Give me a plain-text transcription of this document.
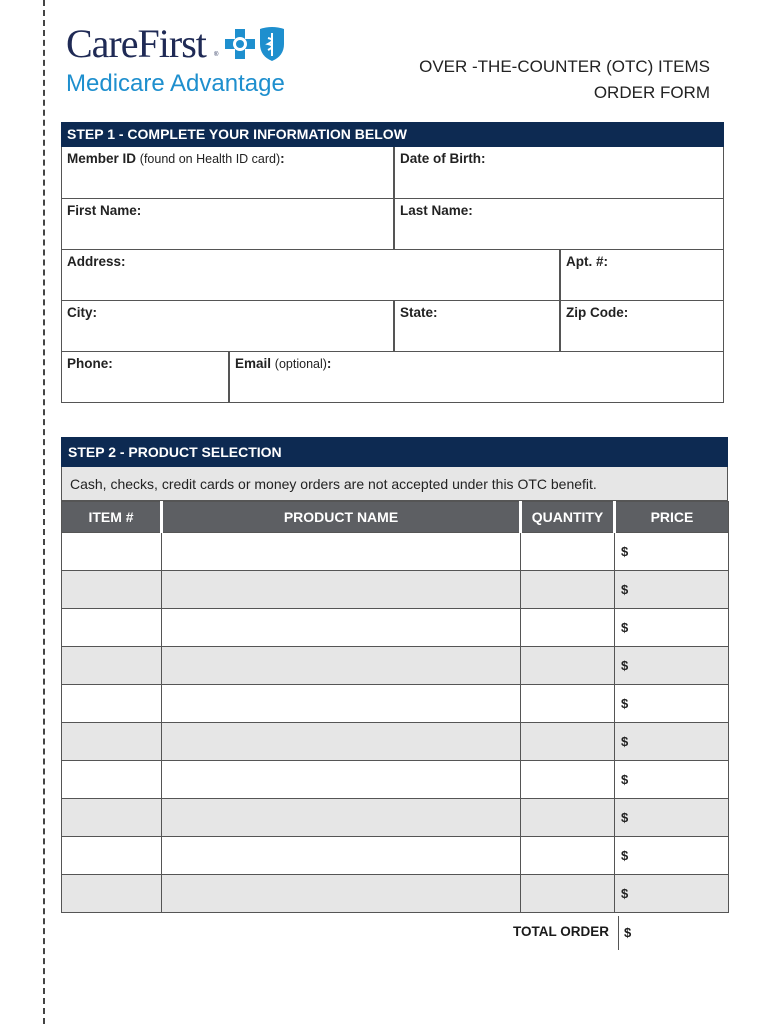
CareFirst ®
Medicare Advantage
OVER -THE-COUNTER (OTC) ITEMS
ORDER FORM
STEP 1 - COMPLETE YOUR INFORMATION BELOW
Member ID (found on Health ID card):	Date of Birth:
First Name:	Last Name:
Address:	Apt. #:
City:	State:	Zip Code:
Phone:	Email (optional):
STEP 2 - PRODUCT SELECTION
Cash, checks, credit cards or money orders are not accepted under this OTC benefit.
ITEM #	PRODUCT NAME	QUANTITY	PRICE
			$
			$
			$
			$
			$
			$
			$
			$
			$
			$
TOTAL ORDER	$
